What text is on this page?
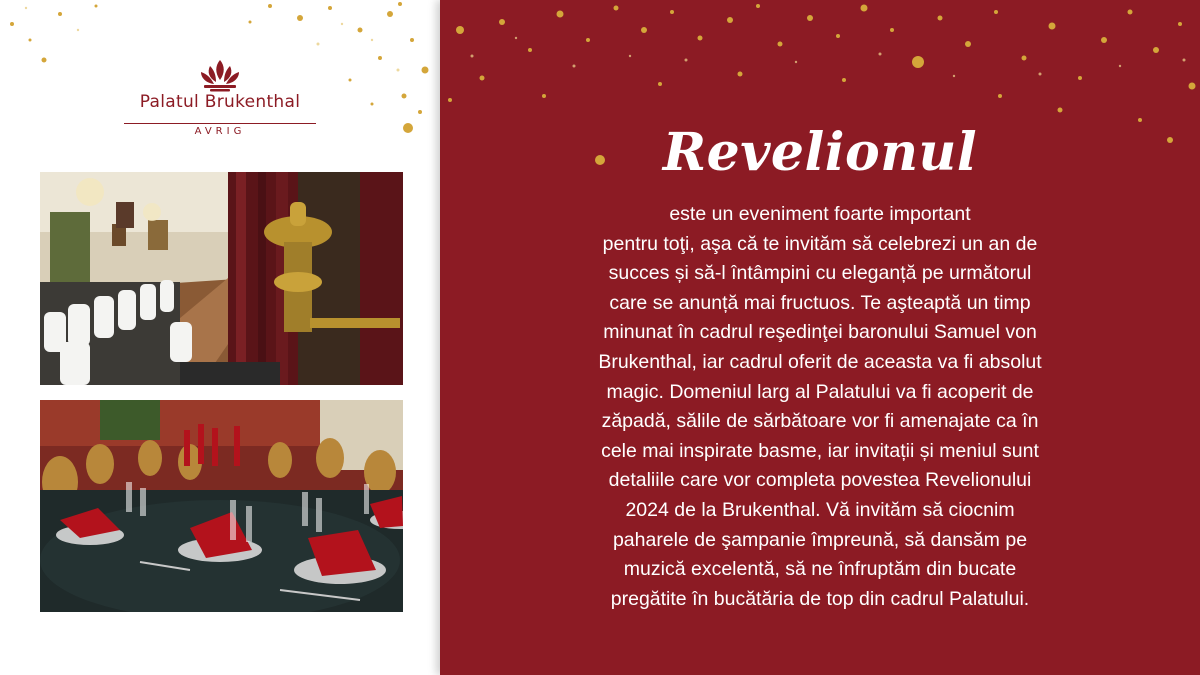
Palatul Brukenthal
AVRIG	Revelionul
este un eveniment foarte important
pentru toţi, aşa că te invităm să celebrezi un an de
succes și să-l întâmpini cu eleganță pe următorul
care se anunță mai fructuos. Te aşteaptă un timp
minunat în cadrul reşedinţei baronului Samuel von
Brukenthal, iar cadrul oferit de aceasta va fi absolut
magic. Domeniul larg al Palatului va fi acoperit de
zăpadă, sălile de sărbătoare vor fi amenajate ca în
cele mai inspirate basme, iar invitații și meniul sunt
detaliile care vor completa povestea Revelionului
2024 de la Brukenthal. Vă invităm să ciocnim
paharele de şampanie împreună, să dansăm pe
muzică excelentă, să ne înfruptăm din bucate
pregătite în bucătăria de top din cadrul Palatului.
